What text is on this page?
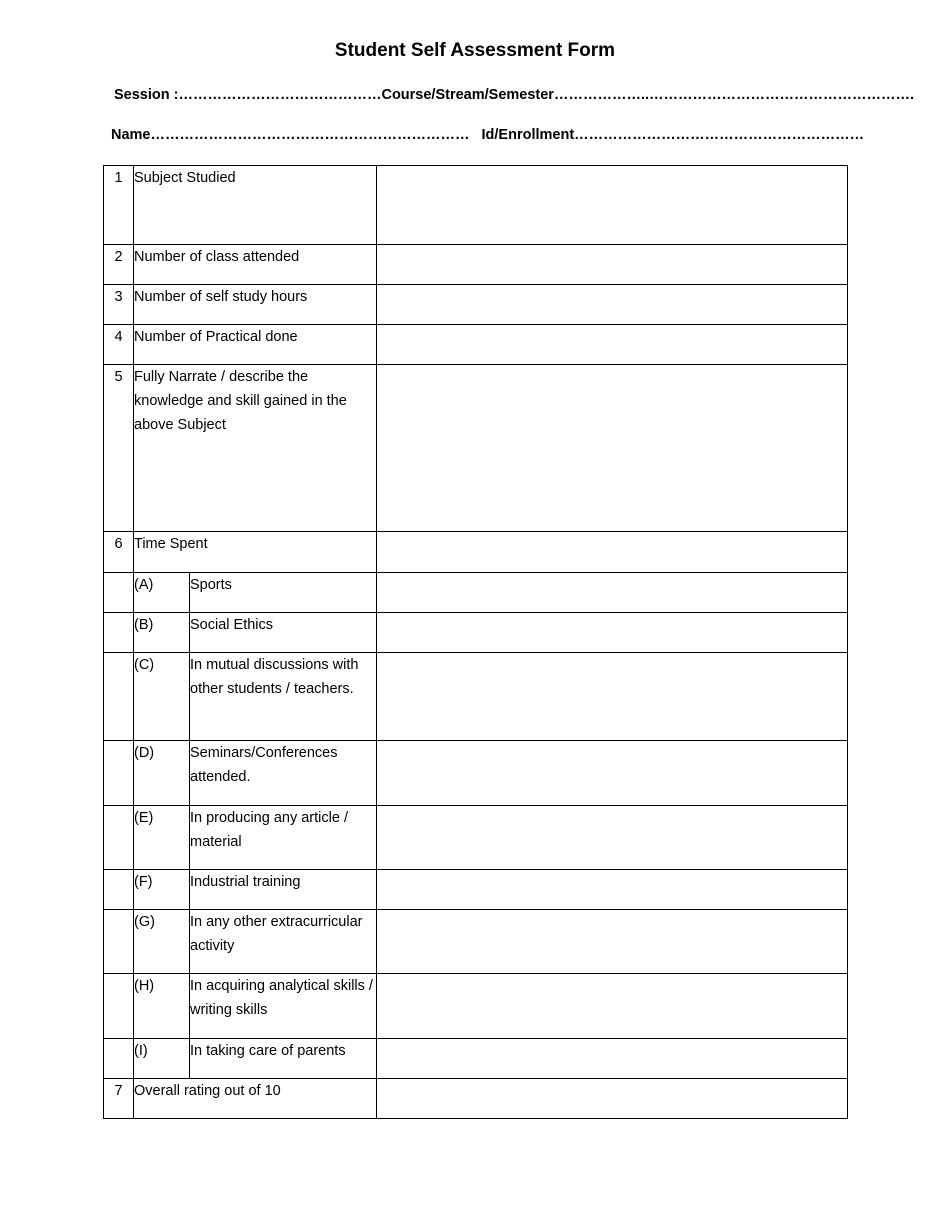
Student Self Assessment Form
Session :……………………………………Course/Stream/Semester………………..……………………………………………….
Name………………………………………………………… Id/Enrollment……………………………………………………
1	Subject Studied		
2	Number of class attended		
3	Number of self study hours		
4	Number of Practical done		
5	Fully Narrate / describe the knowledge and skill gained in the above Subject		
6	Time Spent		
	(A)	Sports	
	(B)	Social Ethics	
	(C)	In mutual discussions with other students / teachers.	
	(D)	Seminars/Conferences attended.	
	(E)	In producing any article / material	
	(F)	Industrial training	
	(G)	In any other extracurricular activity	
	(H)	In acquiring analytical skills / writing skills	
	(I)	In taking care of parents	
7	Overall rating out of 10		
